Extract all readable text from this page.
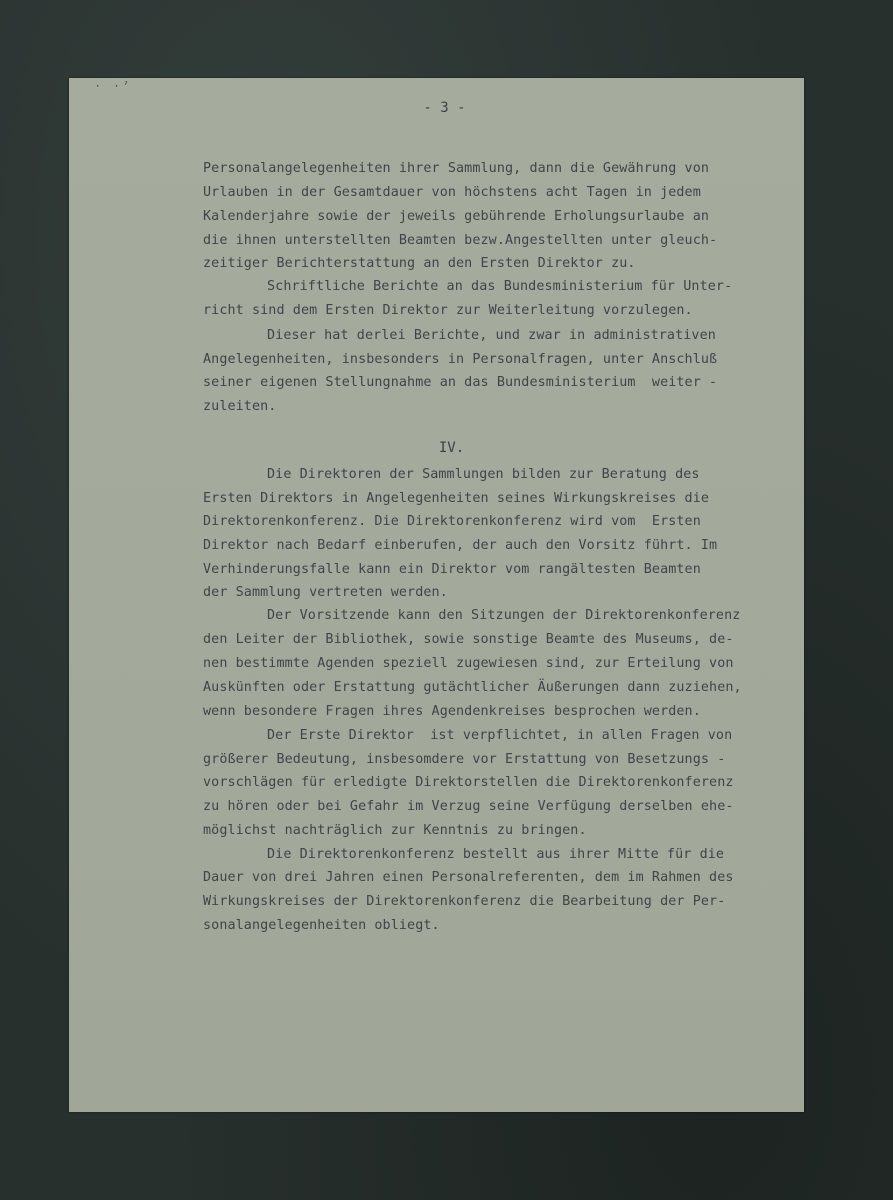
· ·ˀ
- 3 -
Personalangelegenheiten ihrer Sammlung, dann die Gewährung von
Urlauben in der Gesamtdauer von höchstens acht Tagen in jedem
Kalenderjahre sowie der jeweils gebührende Erholungsurlaube an
die ihnen unterstellten Beamten bezw.Angestellten unter gleuch-
zeitiger Berichterstattung an den Ersten Direktor zu.
Schriftliche Berichte an das Bundesministerium für Unter-
richt sind dem Ersten Direktor zur Weiterleitung vorzulegen.
Dieser hat derlei Berichte, und zwar in administrativen
Angelegenheiten, insbesonders in Personalfragen, unter Anschluß
seiner eigenen Stellungnahme an das Bundesministerium  weiter -
zuleiten.
IV.
Die Direktoren der Sammlungen bilden zur Beratung des
Ersten Direktors in Angelegenheiten seines Wirkungskreises die
Direktorenkonferenz. Die Direktorenkonferenz wird vom  Ersten
Direktor nach Bedarf einberufen, der auch den Vorsitz führt. Im
Verhinderungsfalle kann ein Direktor vom rangältesten Beamten
der Sammlung vertreten werden.
Der Vorsitzende kann den Sitzungen der Direktorenkonferenz
den Leiter der Bibliothek, sowie sonstige Beamte des Museums, de-
nen bestimmte Agenden speziell zugewiesen sind, zur Erteilung von
Auskünften oder Erstattung gutächtlicher Äußerungen dann zuziehen,
wenn besondere Fragen ihres Agendenkreises besprochen werden.
Der Erste Direktor  ist verpflichtet, in allen Fragen von
größerer Bedeutung, insbesomdere vor Erstattung von Besetzungs -
vorschlägen für erledigte Direktorstellen die Direktorenkonferenz
zu hören oder bei Gefahr im Verzug seine Verfügung derselben ehe-
möglichst nachträglich zur Kenntnis zu bringen.
Die Direktorenkonferenz bestellt aus ihrer Mitte für die
Dauer von drei Jahren einen Personalreferenten, dem im Rahmen des
Wirkungskreises der Direktorenkonferenz die Bearbeitung der Per-
sonalangelegenheiten obliegt.
